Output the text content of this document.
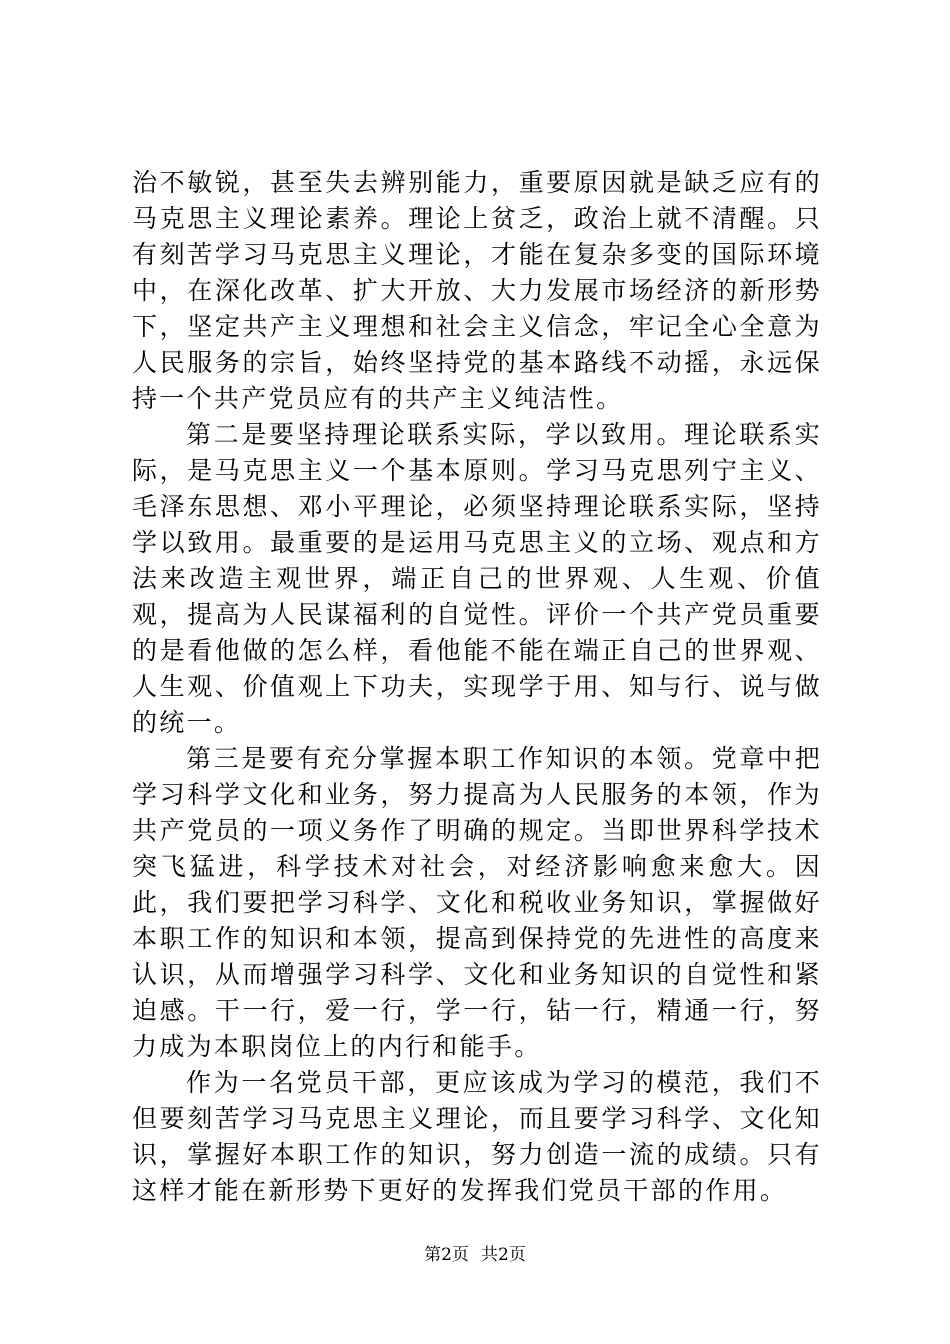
治不敏锐，甚至失去辨别能力，重要原因就是缺乏应有的马克思主义理论素养。理论上贫乏，政治上就不清醒。只有刻苦学习马克思主义理论，才能在复杂多变的国际环境中，在深化改革、扩大开放、大力发展市场经济的新形势下，坚定共产主义理想和社会主义信念，牢记全心全意为人民服务的宗旨，始终坚持党的基本路线不动摇，永远保持一个共产党员应有的共产主义纯洁性。

第二是要坚持理论联系实际，学以致用。理论联系实际，是马克思主义一个基本原则。学习马克思列宁主义、毛泽东思想、邓小平理论，必须坚持理论联系实际，坚持学以致用。最重要的是运用马克思主义的立场、观点和方法来改造主观世界，端正自己的世界观、人生观、价值观，提高为人民谋福利的自觉性。评价一个共产党员重要的是看他做的怎么样，看他能不能在端正自己的世界观、人生观、价值观上下功夫，实现学于用、知与行、说与做的统一。

第三是要有充分掌握本职工作知识的本领。党章中把学习科学文化和业务，努力提高为人民服务的本领，作为共产党员的一项义务作了明确的规定。当即世界科学技术突飞猛进，科学技术对社会，对经济影响愈来愈大。因此，我们要把学习科学、文化和税收业务知识，掌握做好本职工作的知识和本领，提高到保持党的先进性的高度来认识，从而增强学习科学、文化和业务知识的自觉性和紧迫感。干一行，爱一行，学一行，钻一行，精通一行，努力成为本职岗位上的内行和能手。

作为一名党员干部，更应该成为学习的模范，我们不但要刻苦学习马克思主义理论，而且要学习科学、文化知识，掌握好本职工作的知识，努力创造一流的成绩。只有这样才能在新形势下更好的发挥我们党员干部的作用。

第2页 共2页
